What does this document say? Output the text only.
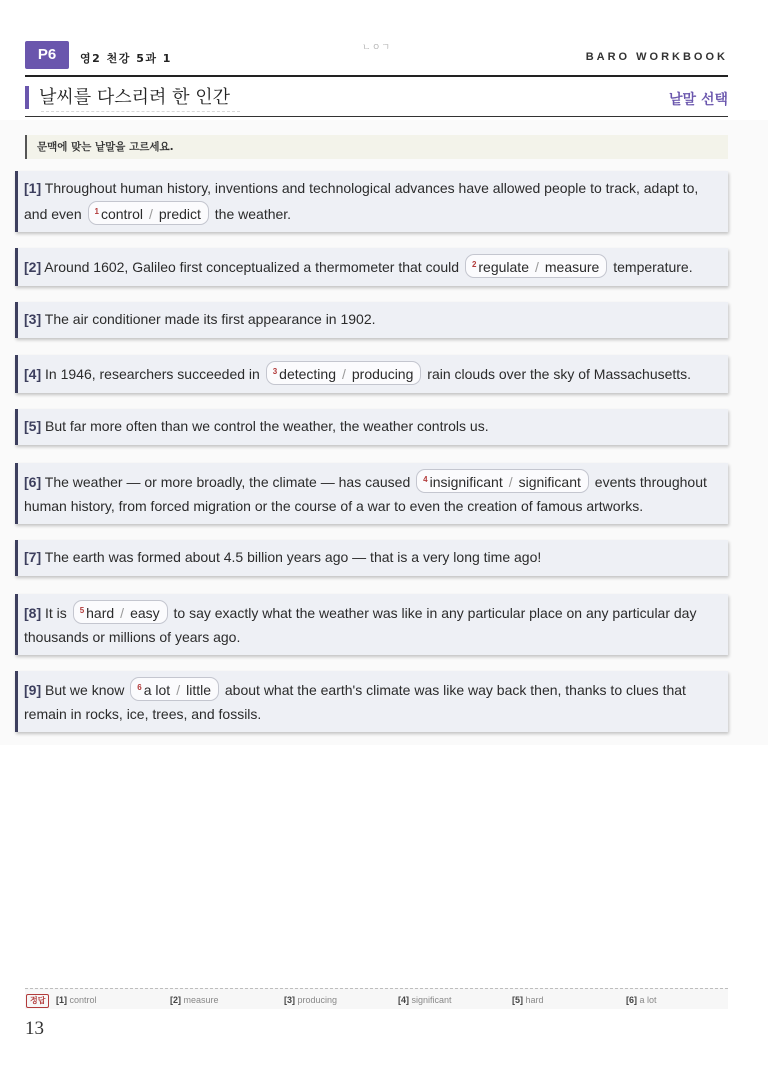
P6	영2 천강 5과 1
ㄴㅇㄱ
BARO WORKBOOK
날씨를 다스리려 한 인간	낱말 선택
문맥에 맞는 낱말을 고르세요.
[1] Throughout human history, inventions and technological advances have allowed people to track, adapt to, and even $^1$ control / predict the weather.
[2] Around 1602, Galileo first conceptualized a thermometer that could $^2$ regulate / measure temperature.
[3] The air conditioner made its first appearance in 1902.
[4] In 1946, researchers succeeded in $^3$ detecting / producing rain clouds over the sky of Massachusetts.
[5] But far more often than we control the weather, the weather controls us.
[6] The weather — or more broadly, the climate — has caused $^4$ insignificant / significant events throughout human history, from forced migration or the course of a war to even the creation of famous artworks.
[7] The earth was formed about 4.5 billion years ago — that is a very long time ago!
[8] It is $^5$ hard / easy to say exactly what the weather was like in any particular place on any particular day thousands or millions of years ago.
[9] But we know $^6$ a lot / little about what the earth's climate was like way back then, thanks to clues that remain in rocks, ice, trees, and fossils.
정답	[1] control	[2] measure	[3] producing	[4] significant	[5] hard	[6] a lot
13
